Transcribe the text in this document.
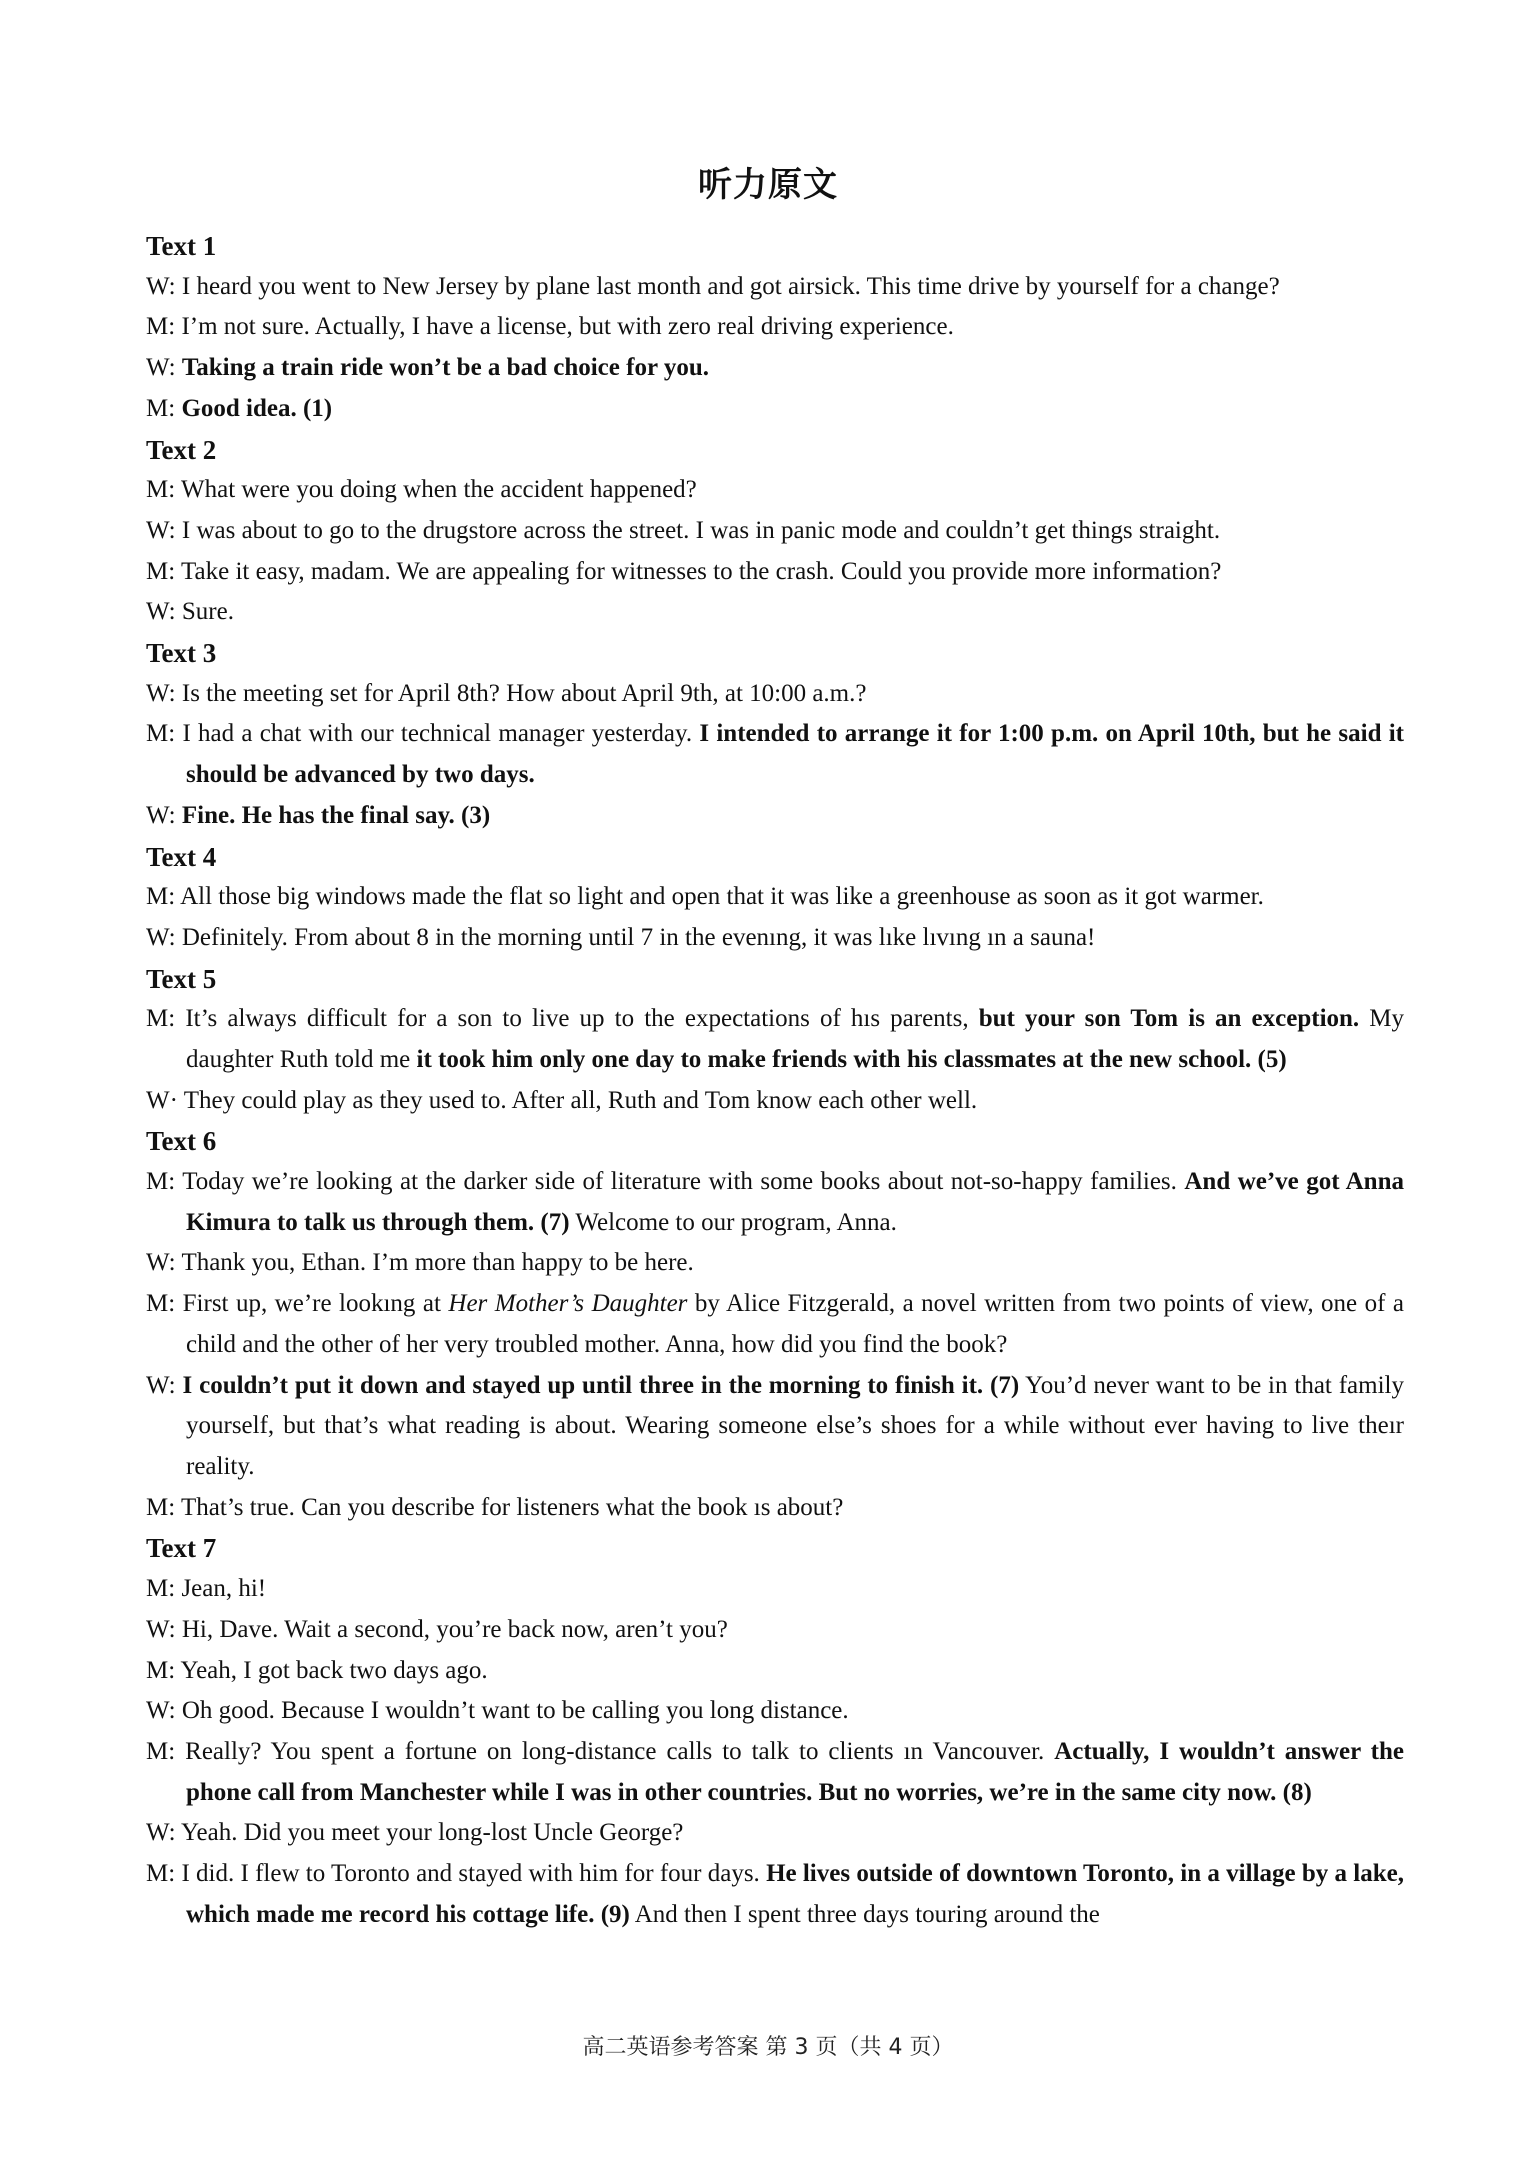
听力原文
Text 1
W: I heard you went to New Jersey by plane last month and got airsick. This time drive by yourself for a change?
M: I’m not sure. Actually, I have a license, but with zero real driving experience.
W: Taking a train ride won’t be a bad choice for you.
M: Good idea. (1)
Text 2
M: What were you doing when the accident happened?
W: I was about to go to the drugstore across the street. I was in panic mode and couldn’t get things straight.
M: Take it easy, madam. We are appealing for witnesses to the crash. Could you provide more information?
W: Sure.
Text 3
W: Is the meeting set for April 8th? How about April 9th, at 10:00 a.m.?
M: I had a chat with our technical manager yesterday. I intended to arrange it for 1:00 p.m. on April 10th, but he said it should be advanced by two days.
W: Fine. He has the final say. (3)
Text 4
M: All those big windows made the flat so light and open that it was like a greenhouse as soon as it got warmer.
W: Definitely. From about 8 in the morning until 7 in the evenıng, it was lıke lıvıng ın a sauna!
Text 5
M: It’s always difficult for a son to live up to the expectations of hıs parents, but your son Tom is an exception. My daughter Ruth told me it took him only one day to make friends with his classmates at the new school. (5)
W· They could play as they used to. After all, Ruth and Tom know each other well.
Text 6
M: Today we’re looking at the darker side of literature with some books about not-so-happy families. And we’ve got Anna Kimura to talk us through them. (7) Welcome to our program, Anna.
W: Thank you, Ethan. I’m more than happy to be here.
M: First up, we’re lookıng at Her Mother’s Daughter by Alice Fitzgerald, a novel written from two points of view, one of a child and the other of her very troubled mother. Anna, how did you find the book?
W: I couldn’t put it down and stayed up until three in the morning to finish it. (7) You’d never want to be in that family yourself, but that’s what reading is about. Wearing someone else’s shoes for a while without ever having to live theır reality.
M: That’s true. Can you describe for listeners what the book ıs about?
Text 7
M: Jean, hi!
W: Hi, Dave. Wait a second, you’re back now, aren’t you?
M: Yeah, I got back two days ago.
W: Oh good. Because I wouldn’t want to be calling you long distance.
M: Really? You spent a fortune on long-distance calls to talk to clients ın Vancouver. Actually, I wouldn’t answer the phone call from Manchester while I was in other countries. But no worries, we’re in the same city now. (8)
W: Yeah. Did you meet your long-lost Uncle George?
M: I did. I flew to Toronto and stayed with him for four days. He lives outside of downtown Toronto, in a village by a lake, which made me record his cottage life. (9) And then I spent three days touring around the
高二英语参考答案 第 3 页（共 4 页）
